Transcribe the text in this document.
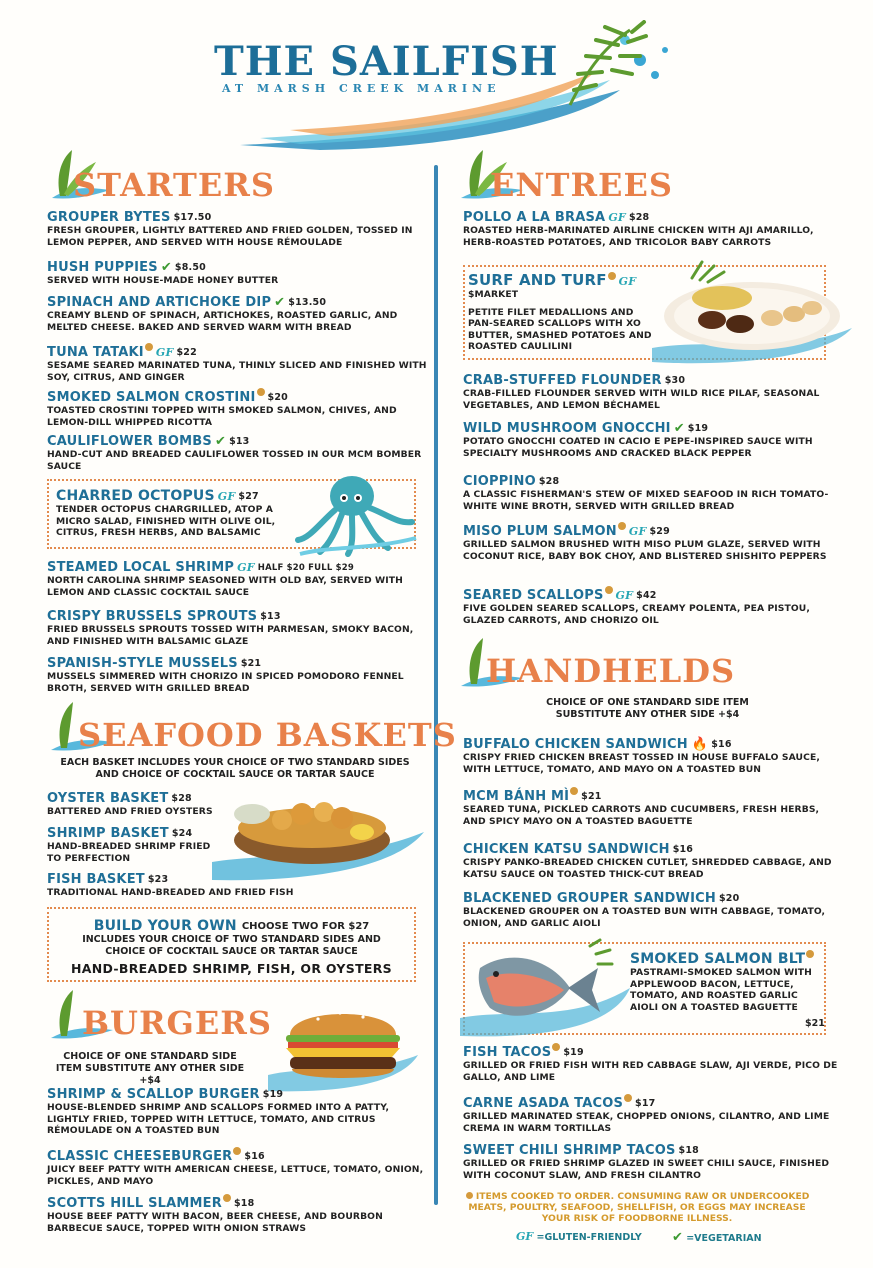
THE SAILFISH
AT MARSH CREEK MARINE
STARTERS
GROUPER BYTES $17.50
FRESH GROUPER, LIGHTLY BATTERED AND FRIED GOLDEN, TOSSED IN LEMON PEPPER, AND SERVED WITH HOUSE RÉMOULADE
HUSH PUPPIES ✔ $8.50
SERVED WITH HOUSE-MADE HONEY BUTTER
SPINACH AND ARTICHOKE DIP ✔ $13.50
CREAMY BLEND OF SPINACH, ARTICHOKES, ROASTED GARLIC, AND MELTED CHEESE. BAKED AND SERVED WARM WITH BREAD
TUNA TATAKI GF $22
SESAME SEARED MARINATED TUNA, THINLY SLICED AND FINISHED WITH SOY, CITRUS, AND GINGER
SMOKED SALMON CROSTINI $20
TOASTED CROSTINI TOPPED WITH SMOKED SALMON, CHIVES, AND LEMON-DILL WHIPPED RICOTTA
CAULIFLOWER BOMBS ✔ $13
HAND-CUT AND BREADED CAULIFLOWER TOSSED IN OUR MCM BOMBER SAUCE
CHARRED OCTOPUS GF $27
TENDER OCTOPUS CHARGRILLED, ATOP A MICRO SALAD, FINISHED WITH OLIVE OIL, CITRUS, FRESH HERBS, AND BALSAMIC
STEAMED LOCAL SHRIMP GF HALF $20 FULL $29
NORTH CAROLINA SHRIMP SEASONED WITH OLD BAY, SERVED WITH LEMON AND CLASSIC COCKTAIL SAUCE
CRISPY BRUSSELS SPROUTS $13
FRIED BRUSSELS SPROUTS TOSSED WITH PARMESAN, SMOKY BACON, AND FINISHED WITH BALSAMIC GLAZE
SPANISH-STYLE MUSSELS $21
MUSSELS SIMMERED WITH CHORIZO IN SPICED POMODORO FENNEL BROTH, SERVED WITH GRILLED BREAD
SEAFOOD BASKETS
EACH BASKET INCLUDES YOUR CHOICE OF TWO STANDARD SIDES AND CHOICE OF COCKTAIL SAUCE OR TARTAR SAUCE
OYSTER BASKET $28
BATTERED AND FRIED OYSTERS
SHRIMP BASKET $24
HAND-BREADED SHRIMP FRIED TO PERFECTION
FISH BASKET $23
TRADITIONAL HAND-BREADED AND FRIED FISH
BUILD YOUR OWN CHOOSE TWO FOR $27
INCLUDES YOUR CHOICE OF TWO STANDARD SIDES AND CHOICE OF COCKTAIL SAUCE OR TARTAR SAUCE
HAND-BREADED SHRIMP, FISH, OR OYSTERS
BURGERS
CHOICE OF ONE STANDARD SIDE ITEM SUBSTITUTE ANY OTHER SIDE +$4
SHRIMP & SCALLOP BURGER $19
HOUSE-BLENDED SHRIMP AND SCALLOPS FORMED INTO A PATTY, LIGHTLY FRIED, TOPPED WITH LETTUCE, TOMATO, AND CITRUS RÉMOULADE ON A TOASTED BUN
CLASSIC CHEESEBURGER $16
JUICY BEEF PATTY WITH AMERICAN CHEESE, LETTUCE, TOMATO, ONION, PICKLES, AND MAYO
SCOTTS HILL SLAMMER $18
HOUSE BEEF PATTY WITH BACON, BEER CHEESE, AND BOURBON BARBECUE SAUCE, TOPPED WITH ONION STRAWS
ENTREES
POLLO A LA BRASA GF $28
ROASTED HERB-MARINATED AIRLINE CHICKEN WITH AJI AMARILLO, HERB-ROASTED POTATOES, AND TRICOLOR BABY CARROTS
SURF AND TURF GF
$MARKET
PETITE FILET MEDALLIONS AND PAN-SEARED SCALLOPS WITH XO BUTTER, SMASHED POTATOES AND ROASTED CAULILINI
CRAB-STUFFED FLOUNDER $30
CRAB-FILLED FLOUNDER SERVED WITH WILD RICE PILAF, SEASONAL VEGETABLES, AND LEMON BÉCHAMEL
WILD MUSHROOM GNOCCHI ✔ $19
POTATO GNOCCHI COATED IN CACIO E PEPE-INSPIRED SAUCE WITH SPECIALTY MUSHROOMS AND CRACKED BLACK PEPPER
CIOPPINO $28
A CLASSIC FISHERMAN'S STEW OF MIXED SEAFOOD IN RICH TOMATO-WHITE WINE BROTH, SERVED WITH GRILLED BREAD
MISO PLUM SALMON GF $29
GRILLED SALMON BRUSHED WITH MISO PLUM GLAZE, SERVED WITH COCONUT RICE, BABY BOK CHOY, AND BLISTERED SHISHITO PEPPERS
SEARED SCALLOPS GF $42
FIVE GOLDEN SEARED SCALLOPS, CREAMY POLENTA, PEA PISTOU, GLAZED CARROTS, AND CHORIZO OIL
HANDHELDS
CHOICE OF ONE STANDARD SIDE ITEM SUBSTITUTE ANY OTHER SIDE +$4
BUFFALO CHICKEN SANDWICH 🔥 $16
CRISPY FRIED CHICKEN BREAST TOSSED IN HOUSE BUFFALO SAUCE, WITH LETTUCE, TOMATO, AND MAYO ON A TOASTED BUN
MCM BÁNH MÌ $21
SEARED TUNA, PICKLED CARROTS AND CUCUMBERS, FRESH HERBS, AND SPICY MAYO ON A TOASTED BAGUETTE
CHICKEN KATSU SANDWICH $16
CRISPY PANKO-BREADED CHICKEN CUTLET, SHREDDED CABBAGE, AND KATSU SAUCE ON TOASTED THICK-CUT BREAD
BLACKENED GROUPER SANDWICH $20
BLACKENED GROUPER ON A TOASTED BUN WITH CABBAGE, TOMATO, ONION, AND GARLIC AIOLI
SMOKED SALMON BLT
PASTRAMI-SMOKED SALMON WITH APPLEWOOD BACON, LETTUCE, TOMATO, AND ROASTED GARLIC AIOLI ON A TOASTED BAGUETTE
$21
FISH TACOS $19
GRILLED OR FRIED FISH WITH RED CABBAGE SLAW, AJI VERDE, PICO DE GALLO, AND LIME
CARNE ASADA TACOS $17
GRILLED MARINATED STEAK, CHOPPED ONIONS, CILANTRO, AND LIME CREMA IN WARM TORTILLAS
SWEET CHILI SHRIMP TACOS $18
GRILLED OR FRIED SHRIMP GLAZED IN SWEET CHILI SAUCE, FINISHED WITH COCONUT SLAW, AND FRESH CILANTRO
ITEMS COOKED TO ORDER. CONSUMING RAW OR UNDERCOOKED MEATS, POULTRY, SEAFOOD, SHELLFISH, OR EGGS MAY INCREASE YOUR RISK OF FOODBORNE ILLNESS.
GF =GLUTEN-FRIENDLY ✔ =VEGETARIAN
